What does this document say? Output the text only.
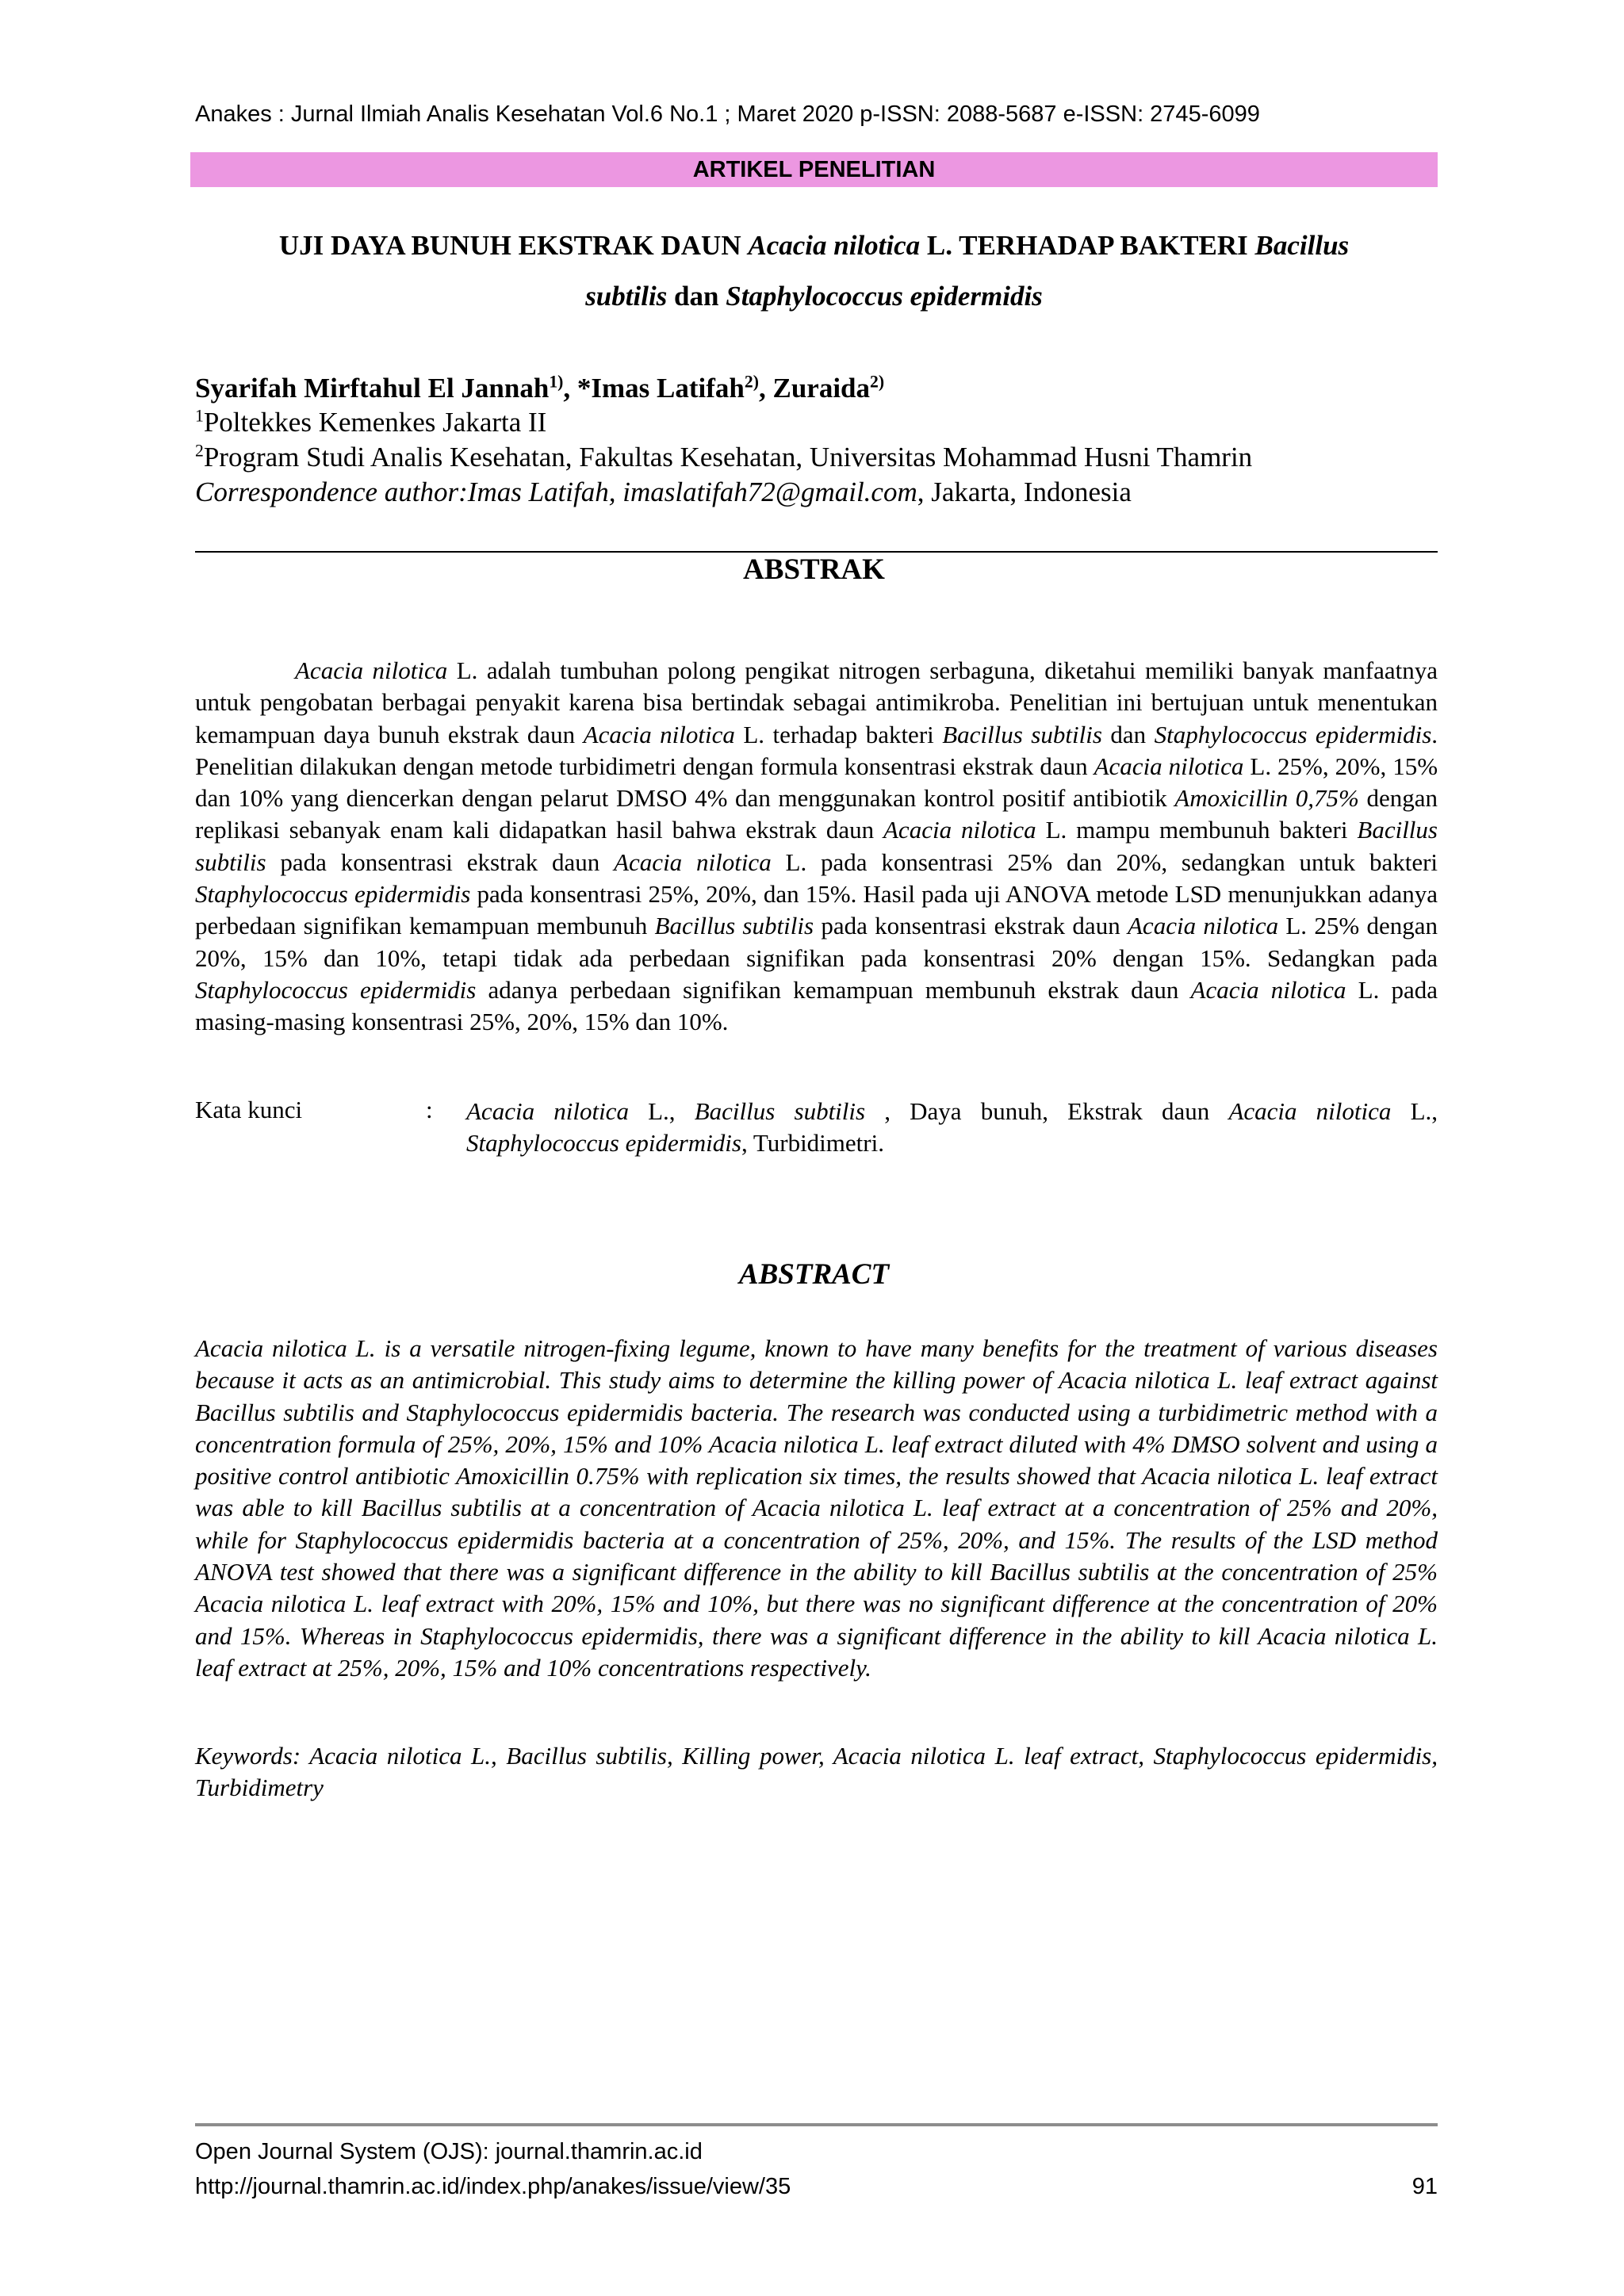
Anakes : Jurnal Ilmiah Analis Kesehatan Vol.6 No.1 ; Maret 2020 p-ISSN: 2088-5687 e-ISSN: 2745-6099
ARTIKEL PENELITIAN
UJI DAYA BUNUH EKSTRAK DAUN Acacia nilotica L. TERHADAP BAKTERI Bacillus
subtilis dan Staphylococcus epidermidis
Syarifah Mirftahul El Jannah$^{1)}$, *Imas Latifah$^{2)}$, Zuraida$^{2)}$
$^1$Poltekkes Kemenkes Jakarta II
$^2$Program Studi Analis Kesehatan, Fakultas Kesehatan, Universitas Mohammad Husni Thamrin
Correspondence author:Imas Latifah, imaslatifah72@gmail.com, Jakarta, Indonesia
ABSTRAK
Acacia nilotica L. adalah tumbuhan polong pengikat nitrogen serbaguna, diketahui memiliki banyak manfaatnya untuk pengobatan berbagai penyakit karena bisa bertindak sebagai antimikroba. Penelitian ini bertujuan untuk menentukan kemampuan daya bunuh ekstrak daun Acacia nilotica L. terhadap bakteri Bacillus subtilis dan Staphylococcus epidermidis. Penelitian dilakukan dengan metode turbidimetri dengan formula konsentrasi ekstrak daun Acacia nilotica L. 25%, 20%, 15% dan 10% yang diencerkan dengan pelarut DMSO 4% dan menggunakan kontrol positif antibiotik Amoxicillin 0,75% dengan replikasi sebanyak enam kali didapatkan hasil bahwa ekstrak daun Acacia nilotica L. mampu membunuh bakteri Bacillus subtilis pada konsentrasi ekstrak daun Acacia nilotica L. pada konsentrasi 25% dan 20%, sedangkan untuk bakteri Staphylococcus epidermidis pada konsentrasi 25%, 20%, dan 15%. Hasil pada uji ANOVA metode LSD menunjukkan adanya perbedaan signifikan kemampuan membunuh Bacillus subtilis pada konsentrasi ekstrak daun Acacia nilotica L. 25% dengan 20%, 15% dan 10%, tetapi tidak ada perbedaan signifikan pada konsentrasi 20% dengan 15%. Sedangkan pada Staphylococcus epidermidis adanya perbedaan signifikan kemampuan membunuh ekstrak daun Acacia nilotica L. pada masing-masing konsentrasi 25%, 20%, 15% dan 10%.
Kata kunci	: Acacia nilotica L., Bacillus subtilis , Daya bunuh, Ekstrak daun Acacia nilotica L., Staphylococcus epidermidis, Turbidimetri.
ABSTRACT
Acacia nilotica L. is a versatile nitrogen-fixing legume, known to have many benefits for the treatment of various diseases because it acts as an antimicrobial. This study aims to determine the killing power of Acacia nilotica L. leaf extract against Bacillus subtilis and Staphylococcus epidermidis bacteria. The research was conducted using a turbidimetric method with a concentration formula of 25%, 20%, 15% and 10% Acacia nilotica L. leaf extract diluted with 4% DMSO solvent and using a positive control antibiotic Amoxicillin 0.75% with replication six times, the results showed that Acacia nilotica L. leaf extract was able to kill Bacillus subtilis at a concentration of Acacia nilotica L. leaf extract at a concentration of 25% and 20%, while for Staphylococcus epidermidis bacteria at a concentration of 25%, 20%, and 15%. The results of the LSD method ANOVA test showed that there was a significant difference in the ability to kill Bacillus subtilis at the concentration of 25% Acacia nilotica L. leaf extract with 20%, 15% and 10%, but there was no significant difference at the concentration of 20% and 15%. Whereas in Staphylococcus epidermidis, there was a significant difference in the ability to kill Acacia nilotica L. leaf extract at 25%, 20%, 15% and 10% concentrations respectively.
Keywords: Acacia nilotica L., Bacillus subtilis, Killing power, Acacia nilotica L. leaf extract, Staphylococcus epidermidis, Turbidimetry
Open Journal System (OJS): journal.thamrin.ac.id
http://journal.thamrin.ac.id/index.php/anakes/issue/view/35	91
